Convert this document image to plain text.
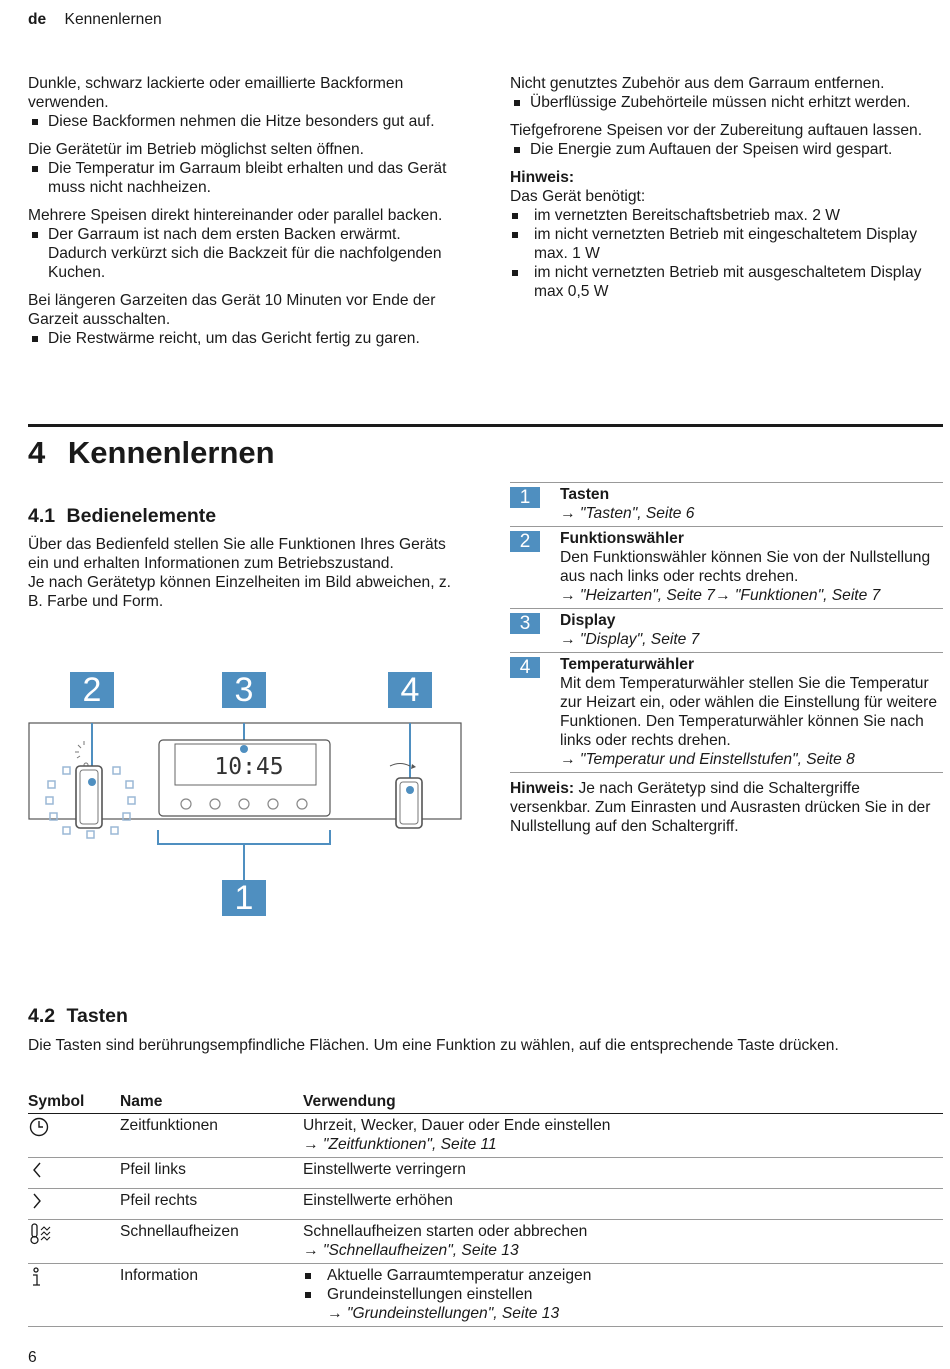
de Kennenlernen

Dunkle, schwarz lackierte oder emaillierte Backformen verwenden.

Diese Backformen nehmen die Hitze besonders gut auf.

Die Gerätetür im Betrieb möglichst selten öffnen.

Die Temperatur im Garraum bleibt erhalten und das Gerät muss nicht nachheizen.

Mehrere Speisen direkt hintereinander oder parallel backen.

Der Garraum ist nach dem ersten Backen erwärmt. Dadurch verkürzt sich die Backzeit für die nachfolgenden Kuchen.

Bei längeren Garzeiten das Gerät 10 Minuten vor Ende der Garzeit ausschalten.

Die Restwärme reicht, um das Gericht fertig zu garen.

Nicht genutztes Zubehör aus dem Garraum entfernen.

Überflüssige Zubehörteile müssen nicht erhitzt werden.

Tiefgefrorene Speisen vor der Zubereitung auftauen lassen.

Die Energie zum Auftauen der Speisen wird gespart.

Hinweis:

Das Gerät benötigt:

im vernetzten Bereitschaftsbetrieb max. 2 W

im nicht vernetzten Betrieb mit eingeschaltetem Display max. 1 W

im nicht vernetzten Betrieb mit ausgeschaltetem Display max 0,5 W

4 Kennenlernen
4.1 Bedienelemente

Über das Bedienfeld stellen Sie alle Funktionen Ihres Geräts ein und erhalten Informationen zum Betriebszustand.

Je nach Gerätetyp können Einzelheiten im Bild abweichen, z. B. Farbe und Form.

10:45
2	3	4
1
1	Tasten
→ "Tasten", Seite 6
2	Funktionswähler
Den Funktionswähler können Sie von der Nullstellung aus nach links oder rechts drehen.
→ "Heizarten", Seite 7→ "Funktionen", Seite 7
3	Display
→ "Display", Seite 7
4	Temperaturwähler
Mit dem Temperaturwähler stellen Sie die Temperatur zur Heizart ein, oder wählen die Einstellung für weitere Funktionen. Den Temperaturwähler können Sie nach links oder rechts drehen.
→ "Temperatur und Einstellstufen", Seite 8

Hinweis: Je nach Gerätetyp sind die Schaltergriffe versenkbar. Zum Einrasten und Ausrasten drücken Sie in der Nullstellung auf den Schaltergriff.

4.2 Tasten

Die Tasten sind berührungsempfindliche Flächen. Um eine Funktion zu wählen, auf die entsprechende Taste drücken.

Symbol	Name	Verwendung
	Zeitfunktionen	Uhrzeit, Wecker, Dauer oder Ende einstellen
→ "Zeitfunktionen", Seite 11

	Pfeil links	Einstellwerte verringern
	Pfeil rechts	Einstellwerte erhöhen
	Schnellaufheizen	Schnellaufheizen starten oder abbrechen
→ "Schnellaufheizen", Seite 13

	Information	Aktuelle Garraumtemperatur anzeigen

Grundeinstellungen einstellen

→ "Grundeinstellungen", Seite 13
6
